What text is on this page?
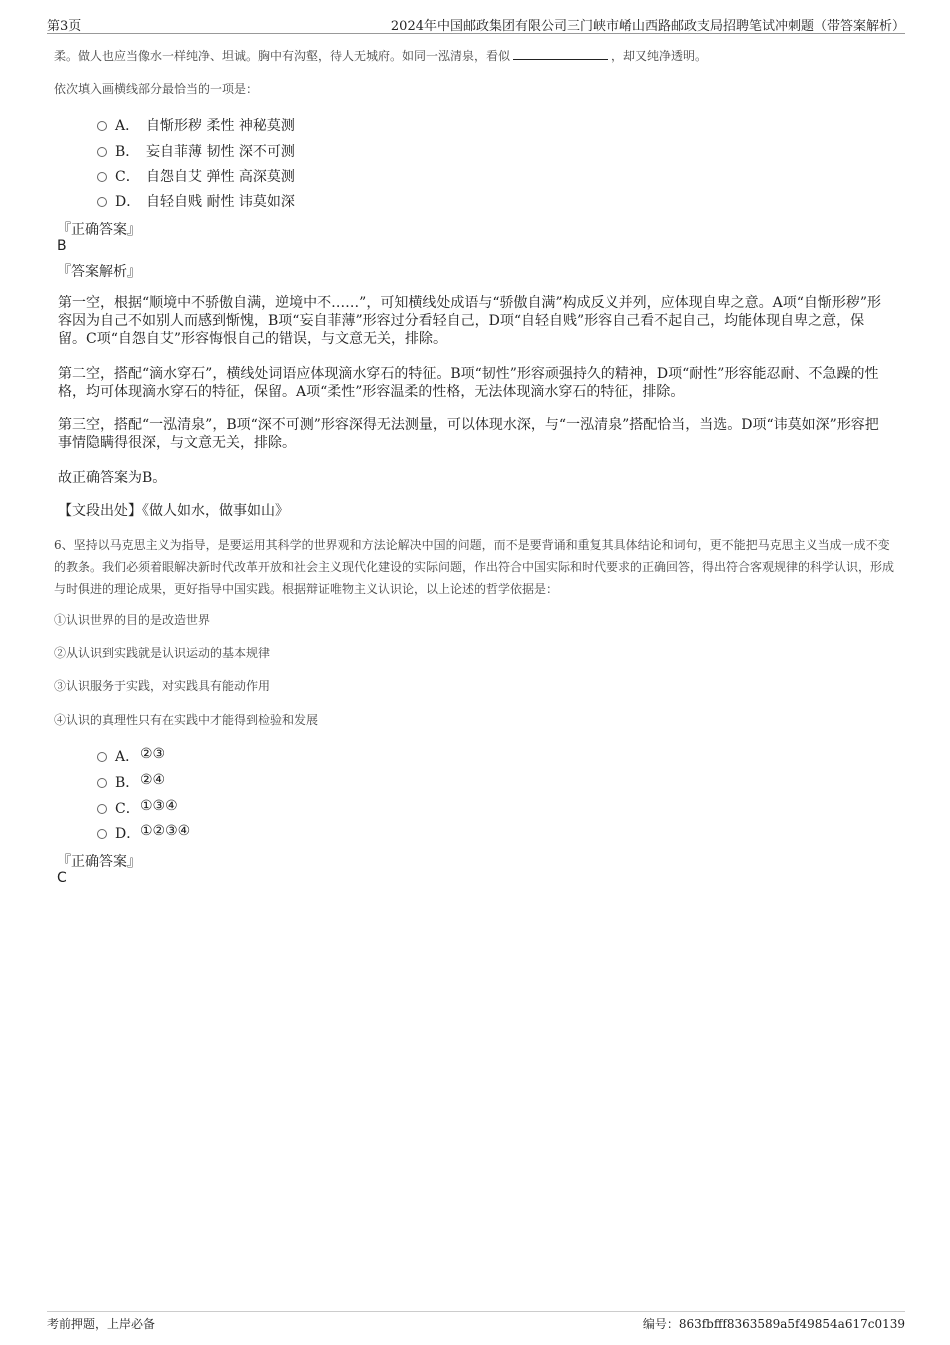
第3页	2024年中国邮政集团有限公司三门峡市崤山西路邮政支局招聘笔试冲刺题（带答案解析）
柔。做人也应当像水一样纯净、坦诚。胸中有沟壑，待人无城府。如同一泓清泉，看似	，却又纯净透明。
依次填入画横线部分最恰当的一项是：
A． 自惭形秽 柔性 神秘莫测
B． 妄自菲薄 韧性 深不可测
C． 自怨自艾 弹性 高深莫测
D． 自轻自贱 耐性 讳莫如深
『正确答案』
B
『答案解析』
第一空，根据“顺境中不骄傲自满，逆境中不……”，可知横线处成语与“骄傲自满”构成反义并列，应体现自卑之意。A项“自惭形秽”形容因为自己不如别人而感到惭愧，B项“妄自菲薄”形容过分看轻自己，D项“自轻自贱”形容自己看不起自己，均能体现自卑之意，保留。C项“自怨自艾”形容悔恨自己的错误，与文意无关，排除。
第二空，搭配“滴水穿石”，横线处词语应体现滴水穿石的特征。B项“韧性”形容顽强持久的精神，D项“耐性”形容能忍耐、不急躁的性格，均可体现滴水穿石的特征，保留。A项“柔性”形容温柔的性格，无法体现滴水穿石的特征，排除。
第三空，搭配“一泓清泉”，B项“深不可测”形容深得无法测量，可以体现水深，与“一泓清泉”搭配恰当，当选。D项“讳莫如深”形容把事情隐瞒得很深，与文意无关，排除。
故正确答案为B。
【文段出处】《做人如水，做事如山》
6、坚持以马克思主义为指导，是要运用其科学的世界观和方法论解决中国的问题，而不是要背诵和重复其具体结论和词句，更不能把马克思主义当成一成不变的教条。我们必须着眼解决新时代改革开放和社会主义现代化建设的实际问题，作出符合中国实际和时代要求的正确回答，得出符合客观规律的科学认识，形成与时俱进的理论成果，更好指导中国实践。根据辩证唯物主义认识论，以上论述的哲学依据是：
①认识世界的目的是改造世界
②从认识到实践就是认识运动的基本规律
③认识服务于实践，对实践具有能动作用
④认识的真理性只有在实践中才能得到检验和发展
A． ②③
B． ②④
C． ①③④
D． ①②③④
『正确答案』
C
考前押题，上岸必备	编号：863fbfff8363589a5f49854a617c0139
